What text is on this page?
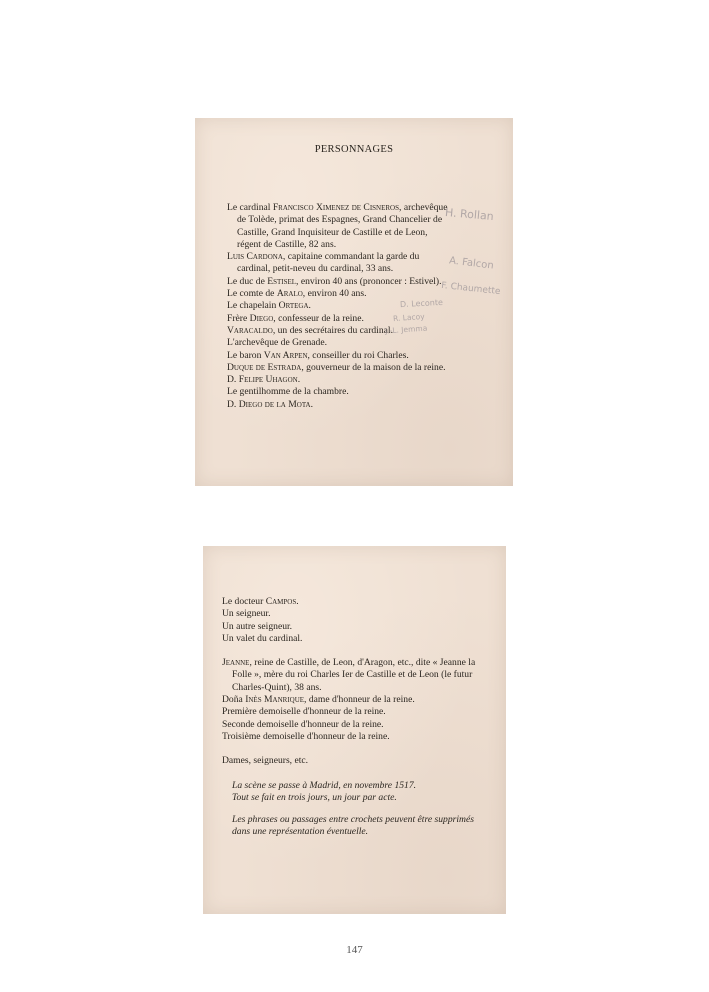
PERSONNAGES

Le cardinal Francisco Ximenez de Cisneros, archevêque de Tolède, primat des Espagnes, Grand Chancelier de Castille, Grand Inquisiteur de Castille et de Leon, régent de Castille, 82 ans.

Luis Cardona, capitaine commandant la garde du cardinal, petit-neveu du cardinal, 33 ans.

Le duc de Estisel, environ 40 ans (prononcer : Estivel).

Le comte de Aralo, environ 40 ans.

Le chapelain Ortega.

Frère Diego, confesseur de la reine.

Varacaldo, un des secrétaires du cardinal.

L'archevêque de Grenade.

Le baron Van Arpen, conseiller du roi Charles.

Duque de Estrada, gouverneur de la maison de la reine.

D. Felipe Uhagon.

Le gentilhomme de la chambre.

D. Diego de la Mota.

H. Rollan
A. Falcon
F. Chaumette
D. Leconte
R. Lacoy
J.-L. Jemma

Le docteur Campos.

Un seigneur.

Un autre seigneur.

Un valet du cardinal.

Jeanne, reine de Castille, de Leon, d'Aragon, etc., dite « Jeanne la Folle », mère du roi Charles Ier de Castille et de Leon (le futur Charles-Quint), 38 ans.

Doña Inès Manrique, dame d'honneur de la reine.

Première demoiselle d'honneur de la reine.

Seconde demoiselle d'honneur de la reine.

Troisième demoiselle d'honneur de la reine.

Dames, seigneurs, etc.

La scène se passe à Madrid, en novembre 1517.
Tout se fait en trois jours, un jour par acte.
Les phrases ou passages entre crochets peuvent être supprimés dans une représentation éventuelle.
147
